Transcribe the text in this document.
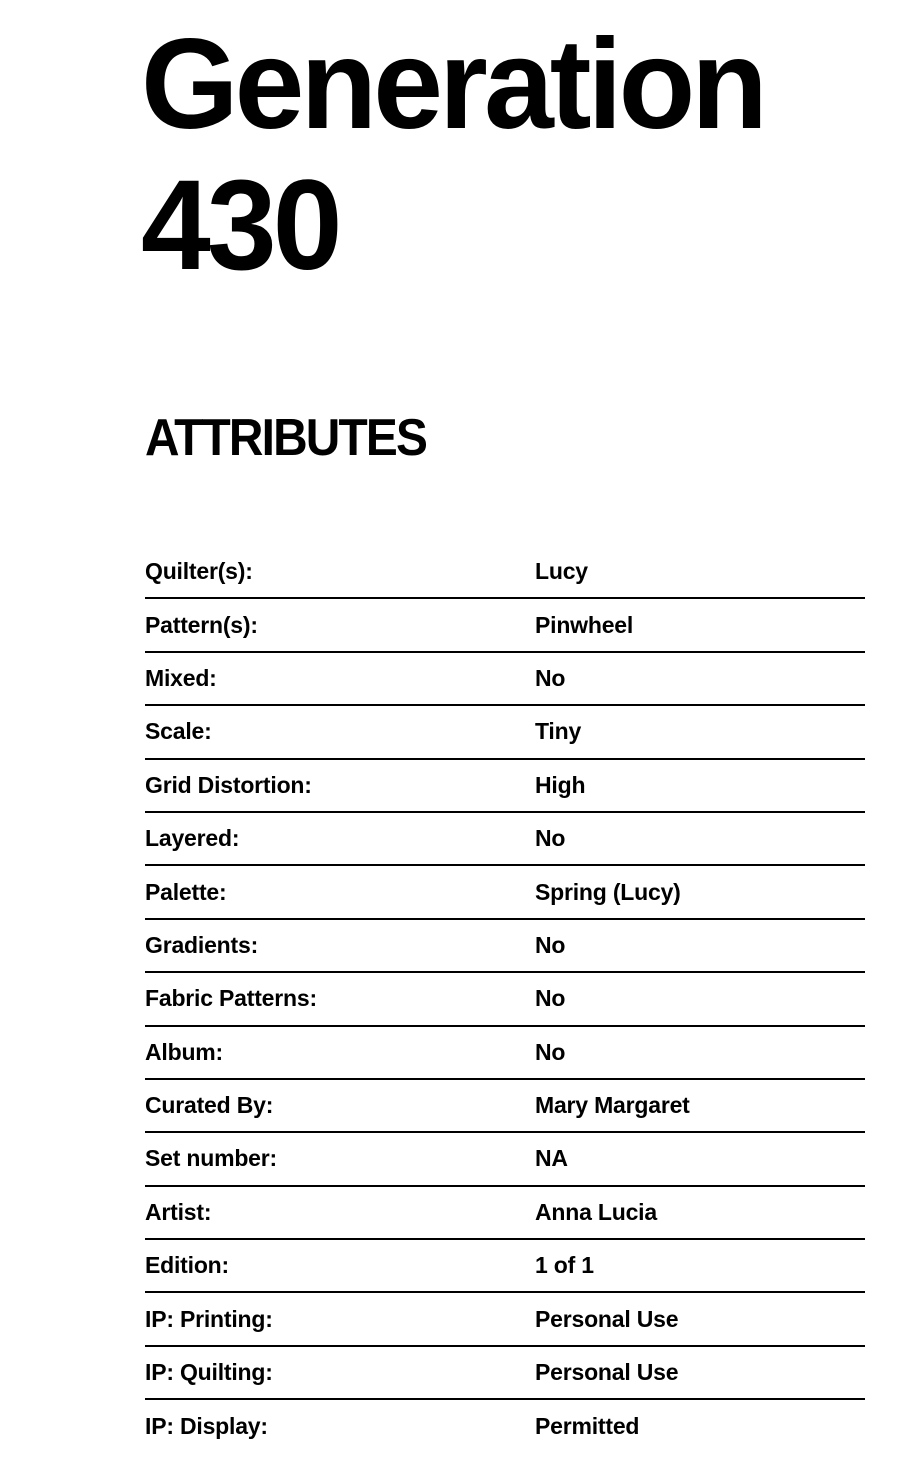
Generation
430
ATTRIBUTES
Quilter(s):	Lucy
Pattern(s):	Pinwheel
Mixed:	No
Scale:	Tiny
Grid Distortion:	High
Layered:	No
Palette:	Spring (Lucy)
Gradients:	No
Fabric Patterns:	No
Album:	No
Curated By:	Mary Margaret
Set number:	NA
Artist:	Anna Lucia
Edition:	1 of 1
IP: Printing:	Personal Use
IP: Quilting:	Personal Use
IP: Display:	Permitted
